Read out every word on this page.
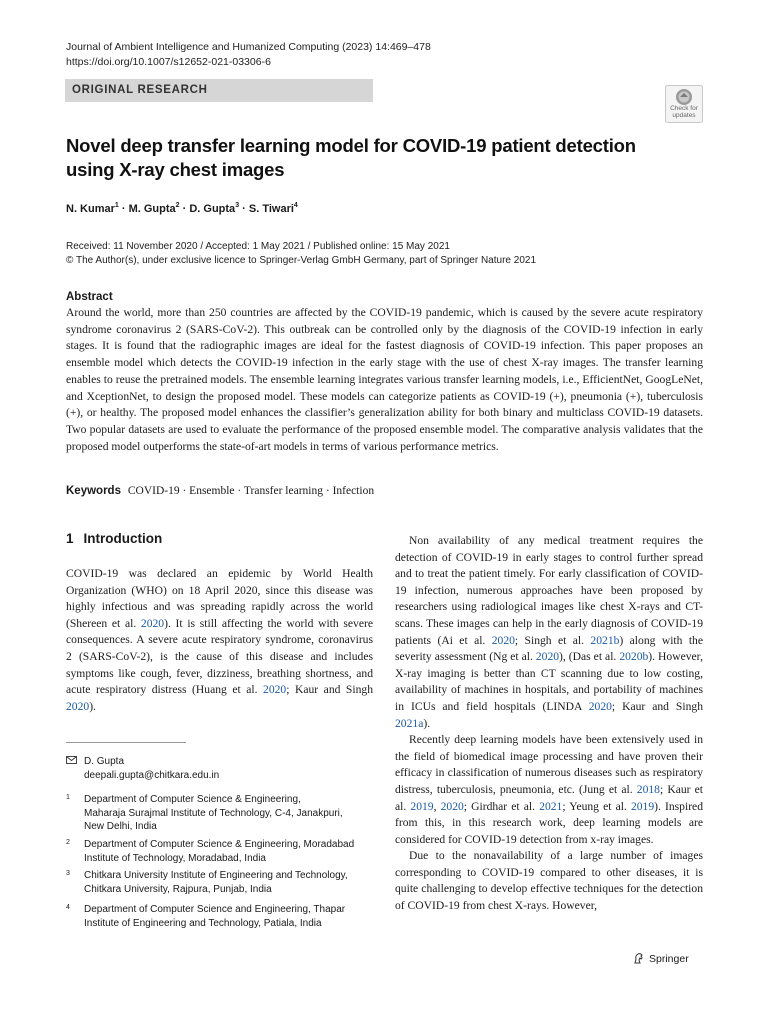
Journal of Ambient Intelligence and Humanized Computing (2023) 14:469–478
https://doi.org/10.1007/s12652-021-03306-6
ORIGINAL RESEARCH
Check for
updates
Novel deep transfer learning model for COVID-19 patient detection
using X-ray chest images
N. Kumar$^1$ · M. Gupta$^2$ · D. Gupta$^3$ · S. Tiwari$^4$
Received: 11 November 2020 / Accepted: 1 May 2021 / Published online: 15 May 2021
© The Author(s), under exclusive licence to Springer-Verlag GmbH Germany, part of Springer Nature 2021
Abstract
Around the world, more than 250 countries are affected by the COVID-19 pandemic, which is caused by the severe acute respiratory syndrome coronavirus 2 (SARS-CoV-2). This outbreak can be controlled only by the diagnosis of the COVID-19 infection in early stages. It is found that the radiographic images are ideal for the fastest diagnosis of COVID-19 infection. This paper proposes an ensemble model which detects the COVID-19 infection in the early stage with the use of chest X-ray images. The transfer learning enables to reuse the pretrained models. The ensemble learning integrates various transfer learning models, i.e., EfficientNet, GoogLeNet, and XceptionNet, to design the proposed model. These models can categorize patients as COVID-19 (+), pneumonia (+), tuberculosis (+), or healthy. The proposed model enhances the classifier’s generalization ability for both binary and multiclass COVID-19 datasets. Two popular datasets are used to evaluate the performance of the proposed ensemble model. The comparative analysis validates that the proposed model outperforms the state-of-art models in terms of various performance metrics.
Keywords COVID-19 · Ensemble · Transfer learning · Infection
1 Introduction

COVID-19 was declared an epidemic by World Health Organization (WHO) on 18 April 2020, since this disease was highly infectious and was spreading rapidly across the world (Shereen et al. 2020). It is still affecting the world with severe consequences. A severe acute respiratory syndrome, coronavirus 2 (SARS-CoV-2), is the cause of this disease and includes symptoms like cough, fever, dizziness, breathing shortness, and acute respiratory distress (Huang et al. 2020; Kaur and Singh 2020).

Non availability of any medical treatment requires the detection of COVID-19 in early stages to control further spread and to treat the patient timely. For early classification of COVID-19 infection, numerous approaches have been proposed by researchers using radiological images like chest X-rays and CT-scans. These images can help in the early diagnosis of COVID-19 patients (Ai et al. 2020; Singh et al. 2021b) along with the severity assessment (Ng et al. 2020), (Das et al. 2020b). However, X-ray imaging is better than CT scanning due to low costing, availability of machines in hospitals, and portability of machines in ICUs and field hospitals (LINDA 2020; Kaur and Singh 2021a).

Recently deep learning models have been extensively used in the field of biomedical image processing and have proven their efficacy in classification of numerous diseases such as respiratory distress, tuberculosis, pneumonia, etc. (Jung et al. 2018; Kaur et al. 2019, 2020; Girdhar et al. 2021; Yeung et al. 2019). Inspired from this, in this research work, deep learning models are considered for COVID-19 detection from x-ray images.

Due to the nonavailability of a large number of images corresponding to COVID-19 compared to other diseases, it is quite challenging to develop effective techniques for the detection of COVID-19 from chest X-rays. However,

D. Gupta
deepali.gupta@chitkara.edu.in
1 Department of Computer Science & Engineering,
Maharaja Surajmal Institute of Technology, C-4, Janakpuri,
New Delhi, India
2 Department of Computer Science & Engineering, Moradabad
Institute of Technology, Moradabad, India
3 Chitkara University Institute of Engineering and Technology,
Chitkara University, Rajpura, Punjab, India
4 Department of Computer Science and Engineering, Thapar
Institute of Engineering and Technology, Patiala, India
Springer
